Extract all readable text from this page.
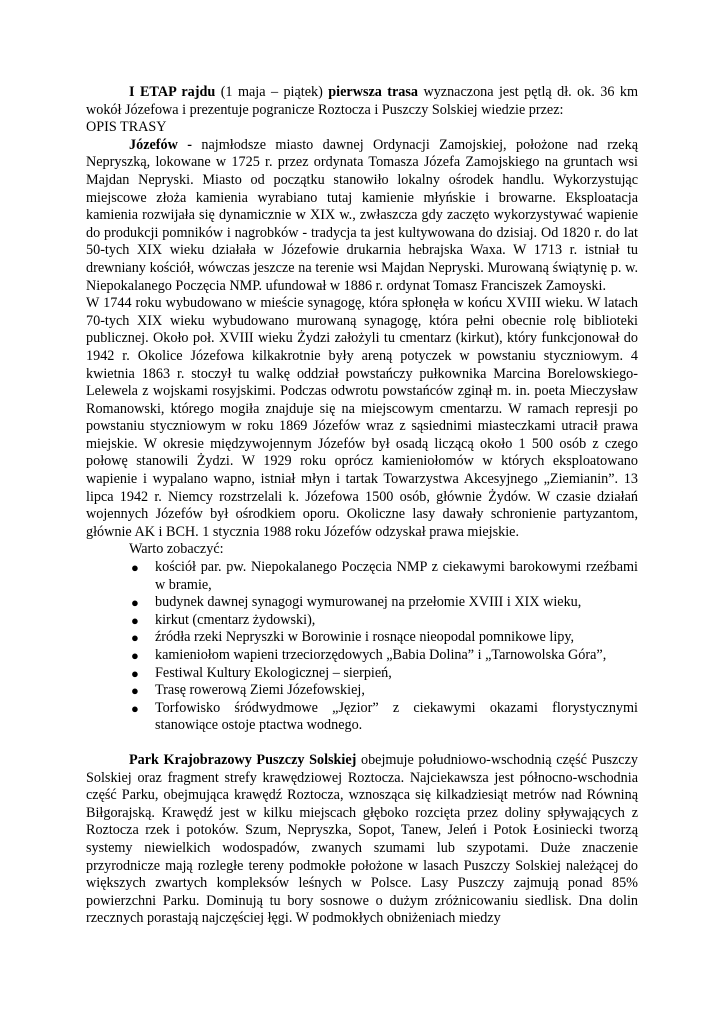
I ETAP rajdu (1 maja – piątek) pierwsza trasa wyznaczona jest pętlą dł. ok. 36 km wokół Józefowa i prezentuje pogranicze Roztocza i Puszczy Solskiej wiedzie przez:

OPIS TRASY

Józefów - najmłodsze miasto dawnej Ordynacji Zamojskiej, położone nad rzeką Nepryszką, lokowane w 1725 r. przez ordynata Tomasza Józefa Zamojskiego na gruntach wsi Majdan Nepryski. Miasto od początku stanowiło lokalny ośrodek handlu. Wykorzystując miejscowe złoża kamienia wyrabiano tutaj kamienie młyńskie i browarne. Eksploatacja kamienia rozwijała się dynamicznie w XIX w., zwłaszcza gdy zaczęto wykorzystywać wapienie do produkcji pomników i nagrobków - tradycja ta jest kultywowana do dzisiaj. Od 1820 r. do lat 50-tych XIX wieku działała w Józefowie drukarnia hebrajska Waxa. W 1713 r. istniał tu drewniany kościół, wówczas jeszcze na terenie wsi Majdan Nepryski. Murowaną świątynię p. w. Niepokalanego Poczęcia NMP. ufundował w 1886 r. ordynat Tomasz Franciszek Zamoyski.

W 1744 roku wybudowano w mieście synagogę, która spłonęła w końcu XVIII wieku. W latach 70-tych XIX wieku wybudowano murowaną synagogę, która pełni obecnie rolę biblioteki publicznej. Około poł. XVIII wieku Żydzi założyli tu cmentarz (kirkut), który funkcjonował do 1942 r. Okolice Józefowa kilkakrotnie były areną potyczek w powstaniu styczniowym. 4 kwietnia 1863 r. stoczył tu walkę oddział powstańczy pułkownika Marcina Borelowskiego-Lelewela z wojskami rosyjskimi. Podczas odwrotu powstańców zginął m. in. poeta Mieczysław Romanowski, którego mogiła znajduje się na miejscowym cmentarzu. W ramach represji po powstaniu styczniowym w roku 1869 Józefów wraz z sąsiednimi miasteczkami utracił prawa miejskie. W okresie międzywojennym Józefów był osadą liczącą około 1 500 osób z czego połowę stanowili Żydzi. W 1929 roku oprócz kamieniołomów w których eksploatowano wapienie i wypalano wapno, istniał młyn i tartak Towarzystwa Akcesyjnego „Ziemianin”. 13 lipca 1942 r. Niemcy rozstrzelali k. Józefowa 1500 osób, głównie Żydów. W czasie działań wojennych Józefów był ośrodkiem oporu. Okoliczne lasy dawały schronienie partyzantom, głównie AK i BCH. 1 stycznia 1988 roku Józefów odzyskał prawa miejskie.

Warto zobaczyć:

● kościół par. pw. Niepokalanego Poczęcia NMP z ciekawymi barokowymi rzeźbami w bramie,
● budynek dawnej synagogi wymurowanej na przełomie XVIII i XIX wieku,
● kirkut (cmentarz żydowski),
● źródła rzeki Nepryszki w Borowinie i rosnące nieopodal pomnikowe lipy,
● kamieniołom wapieni trzeciorzędowych „Babia Dolina” i „Tarnowolska Góra”,
● Festiwal Kultury Ekologicznej – sierpień,
● Trasę rowerową Ziemi Józefowskiej,
● Torfowisko śródwydmowe „Jęzior” z ciekawymi okazami florystycznymi stanowiące ostoje ptactwa wodnego.

Park Krajobrazowy Puszczy Solskiej obejmuje południowo-wschodnią część Puszczy Solskiej oraz fragment strefy krawędziowej Roztocza. Najciekawsza jest północno-wschodnia część Parku, obejmująca krawędź Roztocza, wznosząca się kilkadziesiąt metrów nad Równiną Biłgorajską. Krawędź jest w kilku miejscach głęboko rozcięta przez doliny spływających z Roztocza rzek i potoków. Szum, Nepryszka, Sopot, Tanew, Jeleń i Potok Łosiniecki tworzą systemy niewielkich wodospadów, zwanych szumami lub szypotami. Duże znaczenie przyrodnicze mają rozległe tereny podmokłe położone w lasach Puszczy Solskiej należącej do większych zwartych kompleksów leśnych w Polsce. Lasy Puszczy zajmują ponad 85% powierzchni Parku. Dominują tu bory sosnowe o dużym zróżnicowaniu siedlisk. Dna dolin rzecznych porastają najczęściej łęgi. W podmokłych obniżeniach miedzy
